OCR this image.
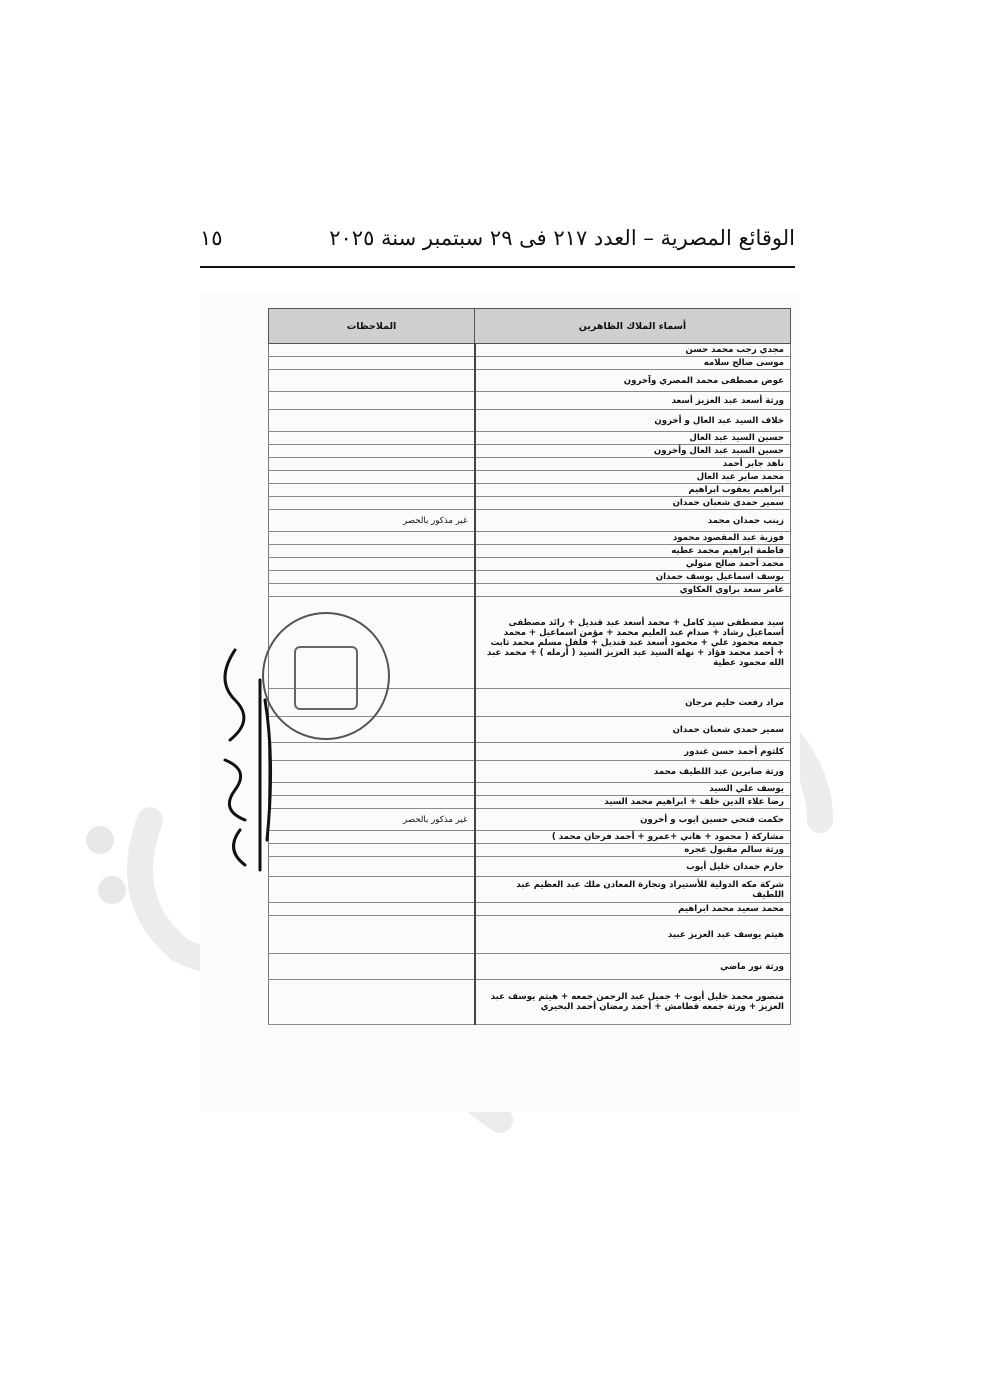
الوقائع المصرية – العدد ٢١٧ فى ٢٩ سبتمبر سنة ٢٠٢٥
١٥
أسماء الملاك الظاهرين	الملاحظات
مجدي رجب محمد حسن	
موسى صالح سلامه	
عوض مصطفى محمد المصري وآخرون	
ورثة أسعد عبد العزيز أسعد	
خلاف السيد عبد العال و أخرون	
حسين السيد عبد العال	
حسين السيد عبد العال وأخرون	
ناهد جابر أحمد	
محمد صابر عبد العال	
ابراهيم يعقوب ابراهيم	
سمير حمدي شعبان حمدان	
زينب حمدان محمد	غير مذكور بالحصر
فوزية عبد المقصود محمود	
فاطمة ابراهيم محمد عطيه	
محمد أحمد صالح متولي	
يوسف اسماعيل يوسف حمدان	
عامر سعد براوي العكاوي	
سيد مصطفى سيد كامل + محمد أسعد عبد قنديل + رائد مصطفى أسماعيل رشاد + صدام عبد العليم محمد + مؤمن اسماعيل + محمد جمعه محمود علي + محمود أسعد عبد قنديل + فلفل مسلم محمد ثابت + أحمد محمد فؤاد + نهله السيد عبد العزيز السيد ( أرمله ) + محمد عبد الله محمود عطية	
مراد رفعت حليم مرجان	
سمير حمدي شعبان حمدان	
كلثوم أحمد حسن غندور	
ورثة صابرين عبد اللطيف محمد	
يوسف علي السيد	
رضا علاء الدين خلف + ابراهيم محمد السيد	
حكمت فتحي حسين ايوب و أخرون	غير مذكور بالحصر
مشاركة ( محمود + هاني +عمرو + أحمد فرحان محمد )	
ورثة سالم مقبول عجره	
حازم حمدان خليل أيوب	
شركة مكه الدولية للأستيراد وتجارة المعادن ملك عبد العظيم عبد اللطيف	
محمد سعيد محمد ابراهيم	
هيثم يوسف عبد العزيز عبيد	
ورثة نور ماضي	
منصور محمد خليل أيوب + جميل عبد الرحمن جمعه + هيثم يوسف عبد العزيز + ورثة جمعه قطامش + أحمد رمضان أحمد البحيري	
